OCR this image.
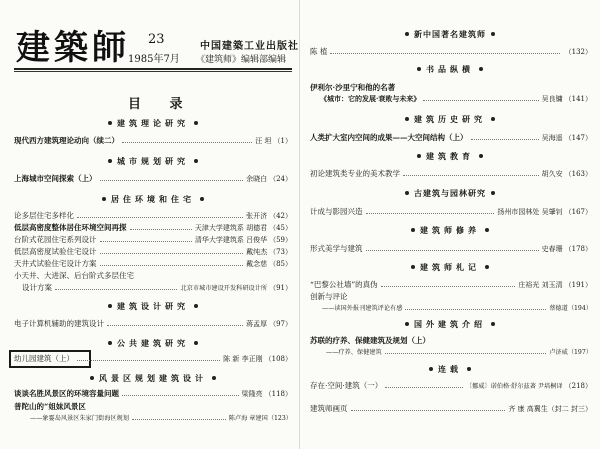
建築師 23
1985年7月
中国建築工业出版社
《建筑师》编辑部编辑
目 录
建筑理论研究
现代西方建筑理论动向（续二）	汪 坦 （1）
城市规划研究
上海城市空间探索（上）	余晓白 （24）
居住环境和住宅
论多层住宅多样化	张开济 （42）
低层高密度整体居住环境空间再探	天津大学建筑系 胡德君 （45）
台阶式花园住宅系列设计	清华大学建筑系 吕俊华 （59）
低层高密度试验住宅设计	戴纯杰 （73）
天井式试验住宅设计方案	戴念慈 （85）
小天井、大进深、后台阶式多层住宅
设计方案	北京市城市建设开发科研设计所 （91）
建筑设计研究
电子计算机辅助的建筑设计	蒋孟厚 （97）
公共建筑研究
幼儿园建筑（上）	陈 新 李正刚 （108）
风景区规划建筑设计
谈谈名胜风景区的环境容量问题	梁隆亮 （118）
普陀山的“姐妹风景区
——象霎岛风景区朱家门街海区规划	陈卢海 章建国 （123）
新中国著名建筑师
陈 植	（132）
书品纵横
伊利尔·沙里宁和他的名著
《城市：它的发展·衰败与未来》	吴良镛 （141）
建筑历史研究
人类扩大室内空间的成果——大空间结构（上）	吴海遥 （147）
建筑教育
初论建筑类专业的美术教学	胡久安 （163）
古建筑与园林研究
计成与影园兴造	扬州市园林处 吴肇钊 （167）
建筑师修养
形式美学与建筑	史春珊 （178）
建筑师札记
“巴黎公社墙”的真伪	庄裕光 刘玉清 （191）
创新与评论
——读国外报刊建筑评论有感	蔡德道 （194）
国外建筑介绍
苏联的疗养、保健建筑及规划（上）
——疗养、保健建筑	卢济威 （197）
连载
存在·空间·建筑（一）	〔挪威〕诺伯格·舒尔兹著 尹培桐译 （218）
建筑师画页	齐 康 高冀生（封二 封三）
